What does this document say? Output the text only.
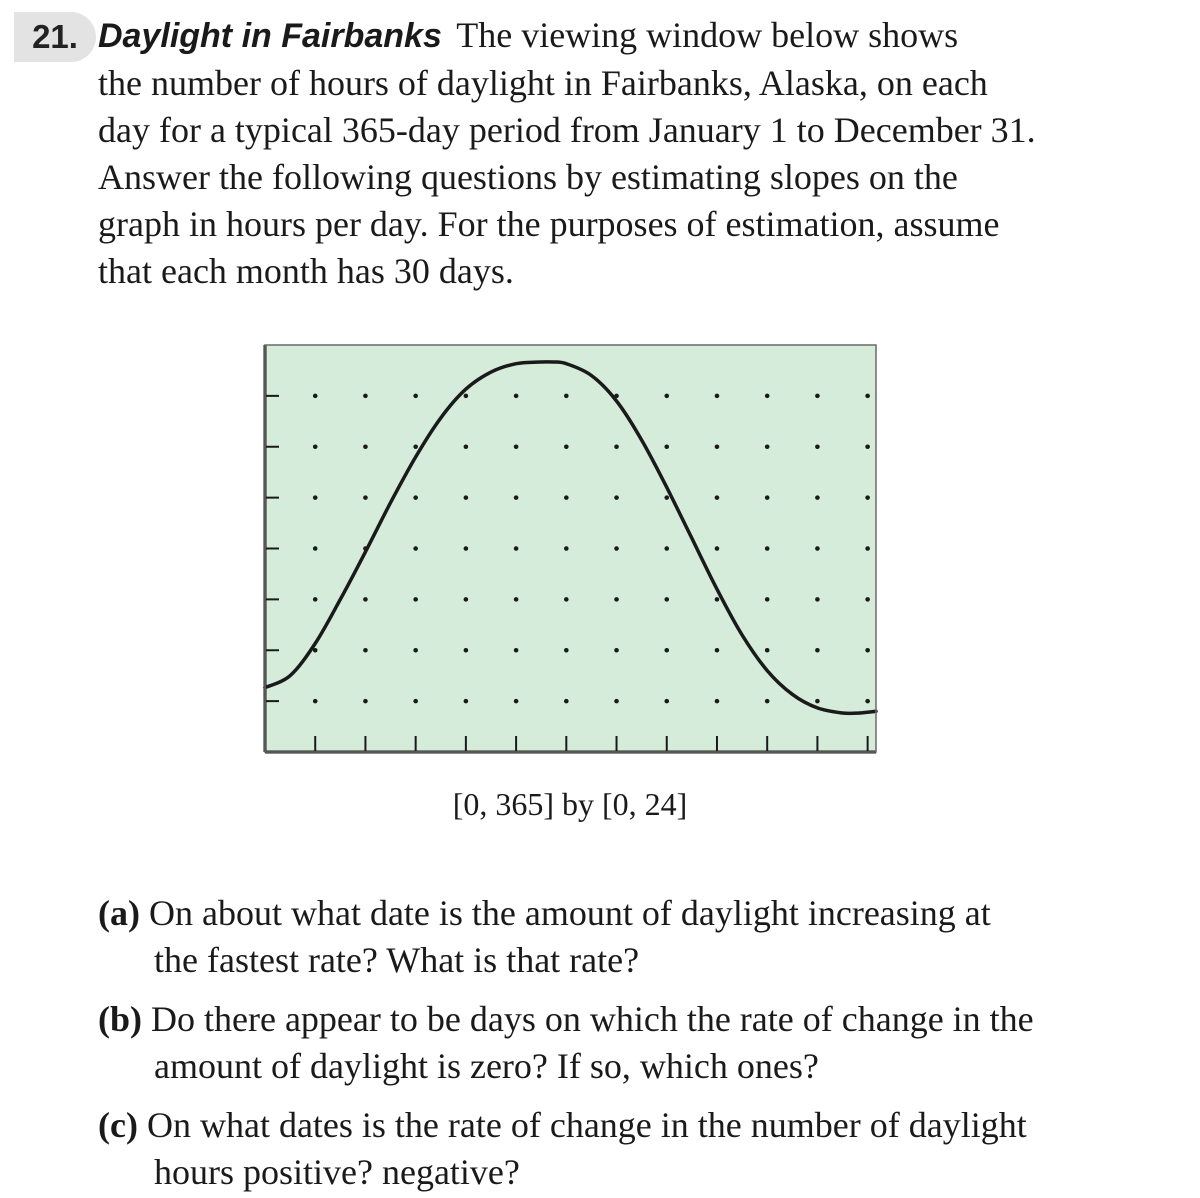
21. Daylight in Fairbanks The viewing window below shows
the number of hours of daylight in Fairbanks, Alaska, on each
day for a typical 365-day period from January 1 to December 31.
Answer the following questions by estimating slopes on the
graph in hours per day. For the purposes of estimation, assume
that each month has 30 days.
[0, 365] by [0, 24]
(a) On about what date is the amount of daylight increasing at
the fastest rate? What is that rate?
(b) Do there appear to be days on which the rate of change in the
amount of daylight is zero? If so, which ones?
(c) On what dates is the rate of change in the number of daylight
hours positive? negative?
